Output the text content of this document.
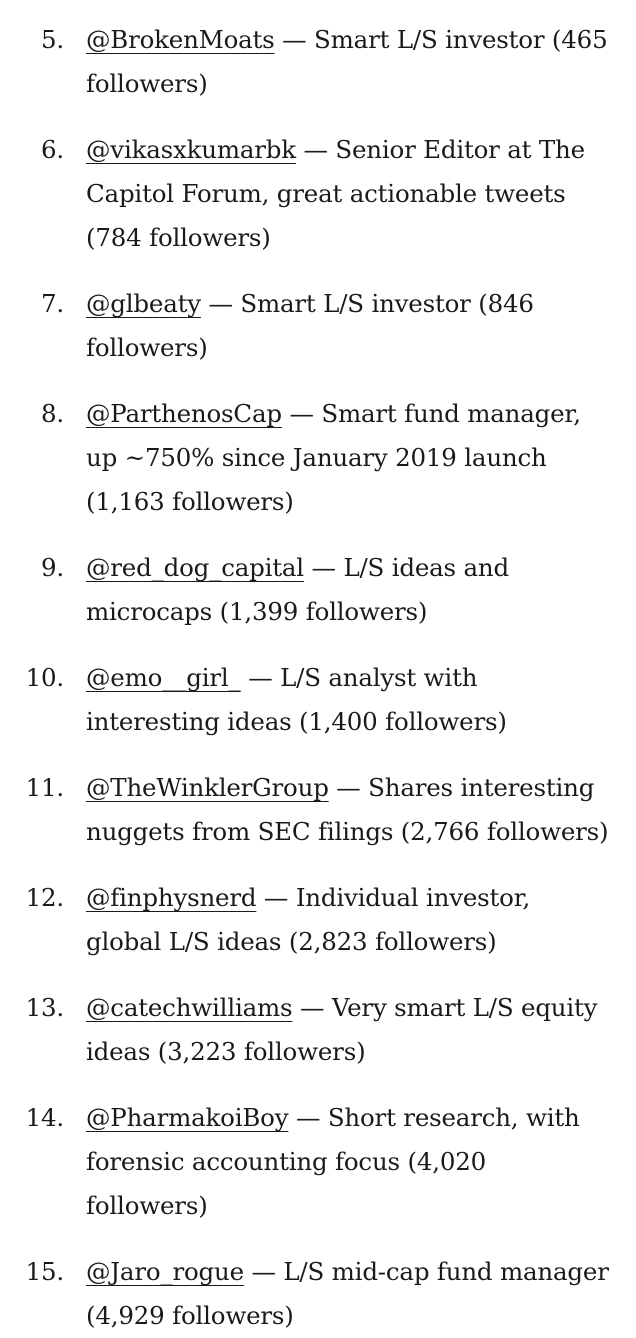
5. @BrokenMoats — Smart L/S investor (465 followers)
6. @vikasxkumarbk — Senior Editor at The Capitol Forum, great actionable tweets (784 followers)
7. @glbeaty — Smart L/S investor (846 followers)
8. @ParthenosCap — Smart fund manager, up ~750% since January 2019 launch (1,163 followers)
9. @red_dog_capital — L/S ideas and microcaps (1,399 followers)
10. @emo__girl_ — L/S analyst with interesting ideas (1,400 followers)
11. @TheWinklerGroup — Shares interesting nuggets from SEC filings (2,766 followers)
12. @finphysnerd — Individual investor, global L/S ideas (2,823 followers)
13. @catechwilliams — Very smart L/S equity ideas (3,223 followers)
14. @PharmakoiBoy — Short research, with forensic accounting focus (4,020 followers)
15. @Jaro_rogue — L/S mid-cap fund manager (4,929 followers)
